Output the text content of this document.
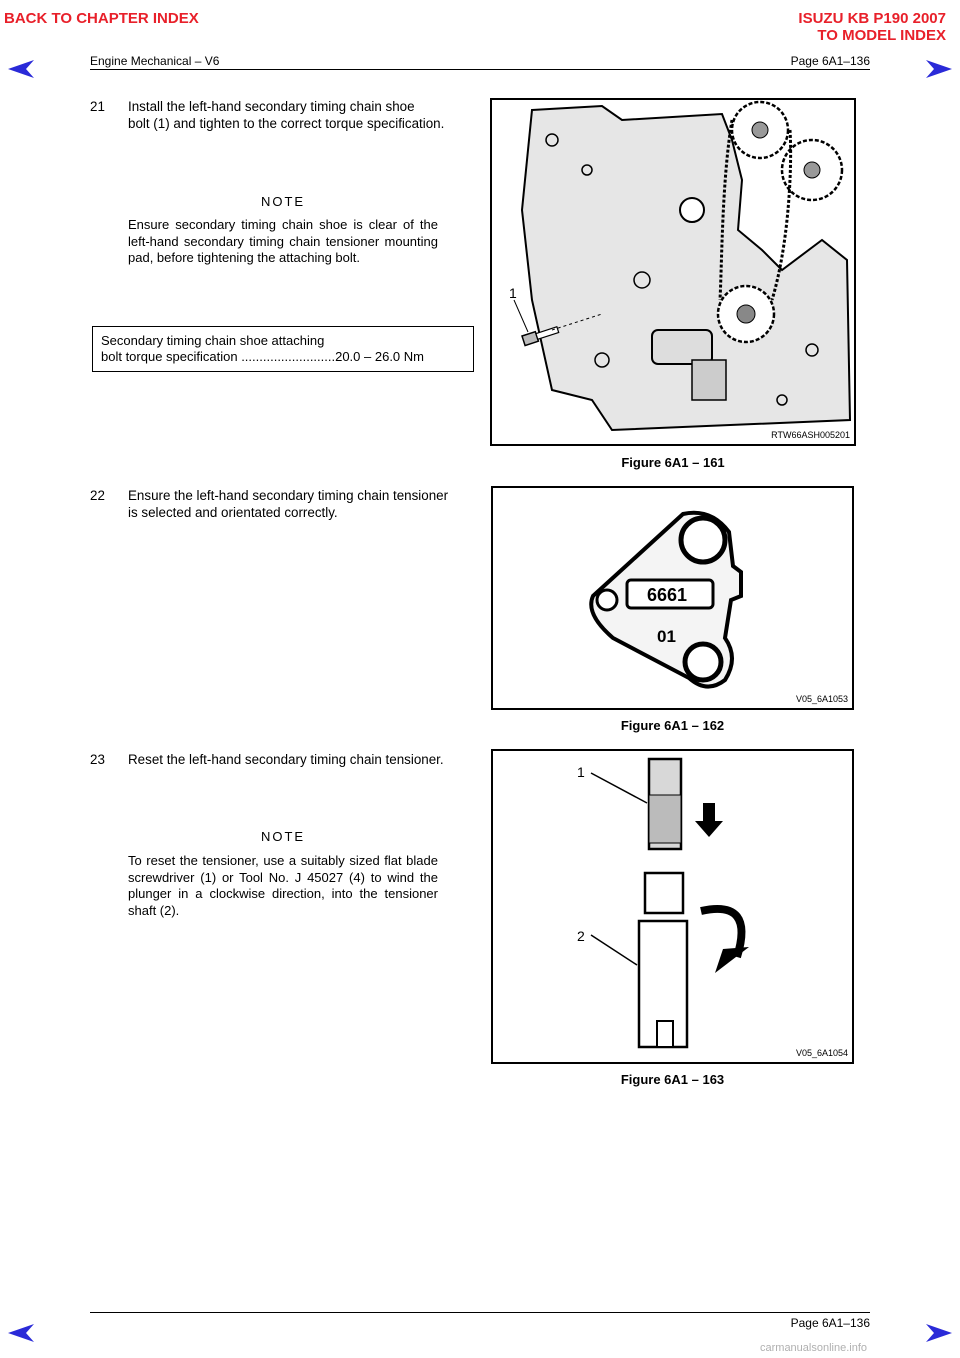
BACK TO CHAPTER INDEX	ISUZU KB P190 2007
TO MODEL INDEX
Engine Mechanical – V6	Page 6A1–136
21 Install the left-hand secondary timing chain shoe
bolt (1) and tighten to the correct torque specification.
NOTE
Ensure secondary timing chain shoe is clear of the left-hand secondary timing chain tensioner mounting pad, before tightening the attaching bolt.
Secondary timing chain shoe attaching
bolt torque specification ..........................20.0 – 26.0 Nm
1
RTW66ASH005201
Figure 6A1 – 161
22 Ensure the left-hand secondary timing chain tensioner
is selected and orientated correctly.
6661
01
V05_6A1053
Figure 6A1 – 162
23 Reset the left-hand secondary timing chain tensioner.
NOTE
To reset the tensioner, use a suitably sized flat blade screwdriver (1) or Tool No. J 45027 (4) to wind the plunger in a clockwise direction, into the tensioner shaft (2).
1
2
V05_6A1054
Figure 6A1 – 163
Page 6A1–136
carmanualsonline.info
